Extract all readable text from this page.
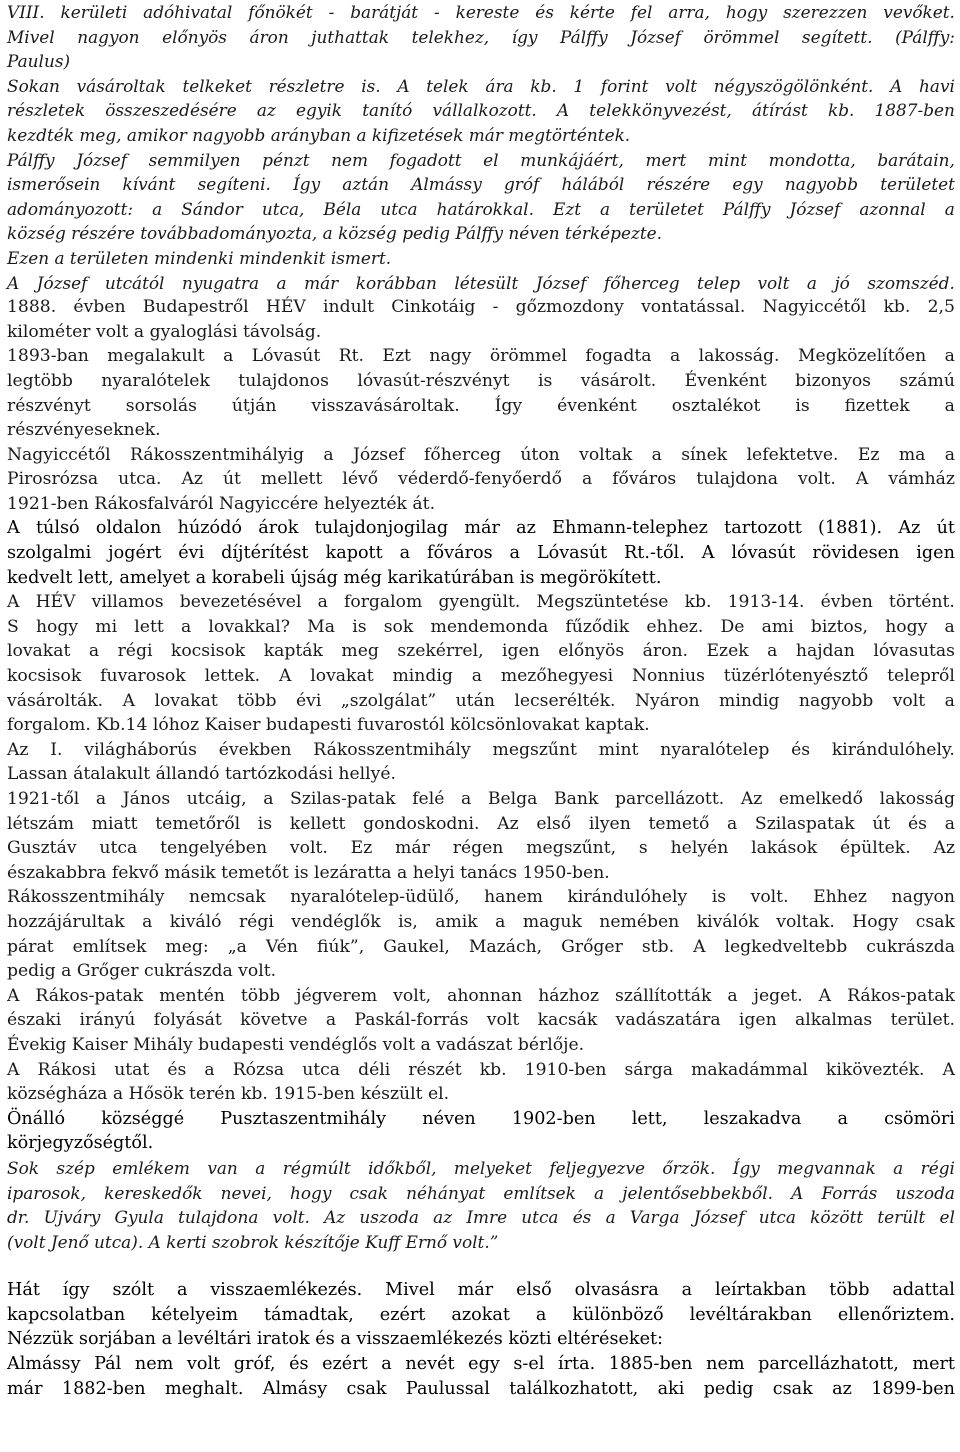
VIII. kerületi adóhivatal főnökét - barátját - kereste és kérte fel arra, hogy szerezzen vevőket.
Mivel nagyon előnyös áron juthattak telekhez, így Pálffy József örömmel segített. (Pálffy:
Paulus)
Sokan vásároltak telkeket részletre is. A telek ára kb. 1 forint volt négyszögölönként. A havi
részletek összeszedésére az egyik tanító vállalkozott. A telekkönyvezést, átírást kb. 1887-ben
kezdték meg, amikor nagyobb arányban a kifizetések már megtörténtek.
Pálffy József semmilyen pénzt nem fogadott el munkájáért, mert mint mondotta, barátain,
ismerősein kívánt segíteni. Így aztán Almássy gróf hálából részére egy nagyobb területet
adományozott: a Sándor utca, Béla utca határokkal. Ezt a területet Pálffy József azonnal a
község részére továbbadományozta, a község pedig Pálffy néven térképezte.
Ezen a területen mindenki mindenkit ismert.
A József utcától nyugatra a már korábban létesült József főherceg telep volt a jó szomszéd.
1888. évben Budapestről HÉV indult Cinkotáig - gőzmozdony vontatással. Nagyiccétől kb. 2,5
kilométer volt a gyaloglási távolság.
1893-ban megalakult a Lóvasút Rt. Ezt nagy örömmel fogadta a lakosság. Megközelítően a
legtöbb nyaralótelek tulajdonos lóvasút-részvényt is vásárolt. Évenként bizonyos számú
részvényt sorsolás útján visszavásároltak. Így évenként osztalékot is fizettek a
részvényeseknek.
Nagyiccétől Rákosszentmihályig a József főherceg úton voltak a sínek lefektetve. Ez ma a
Pirosrózsa utca. Az út mellett lévő véderdő-fenyőerdő a főváros tulajdona volt. A vámház
1921-ben Rákosfalváról Nagyiccére helyezték át.
A túlsó oldalon húzódó árok tulajdonjogilag már az Ehmann-telephez tartozott (1881). Az út
szolgalmi jogért évi díjtérítést kapott a főváros a Lóvasút Rt.-től. A lóvasút rövidesen igen
kedvelt lett, amelyet a korabeli újság még karikatúrában is megörökített.
A HÉV villamos bevezetésével a forgalom gyengült. Megszüntetése kb. 1913-14. évben történt.
S hogy mi lett a lovakkal? Ma is sok mendemonda fűződik ehhez. De ami biztos, hogy a
lovakat a régi kocsisok kapták meg szekérrel, igen előnyös áron. Ezek a hajdan lóvasutas
kocsisok fuvarosok lettek. A lovakat mindig a mezőhegyesi Nonnius tüzérlótenyésztő telepről
vásárolták. A lovakat több évi „szolgálat” után lecserélték. Nyáron mindig nagyobb volt a
forgalom. Kb.14 lóhoz Kaiser budapesti fuvarostól kölcsönlovakat kaptak.
Az I. világháborús években Rákosszentmihály megszűnt mint nyaralótelep és kirándulóhely.
Lassan átalakult állandó tartózkodási hellyé.
1921-től a János utcáig, a Szilas-patak felé a Belga Bank parcellázott. Az emelkedő lakosság
létszám miatt temetőről is kellett gondoskodni. Az első ilyen temető a Szilaspatak út és a
Gusztáv utca tengelyében volt. Ez már régen megszűnt, s helyén lakások épültek. Az
északabbra fekvő másik temetőt is lezáratta a helyi tanács 1950-ben.
Rákosszentmihály nemcsak nyaralótelep-üdülő, hanem kirándulóhely is volt. Ehhez nagyon
hozzájárultak a kiváló régi vendéglők is, amik a maguk nemében kiválók voltak. Hogy csak
párat említsek meg: „a Vén fiúk”, Gaukel, Mazách, Grőger stb. A legkedveltebb cukrászda
pedig a Grőger cukrászda volt.
A Rákos-patak mentén több jégverem volt, ahonnan házhoz szállították a jeget. A Rákos-patak
északi irányú folyását követve a Paskál-forrás volt kacsák vadászatára igen alkalmas terület.
Évekig Kaiser Mihály budapesti vendéglős volt a vadászat bérlője.
A Rákosi utat és a Rózsa utca déli részét kb. 1910-ben sárga makadámmal kikövezték. A
községháza a Hősök terén kb. 1915-ben készült el.
Önálló községgé Pusztaszentmihály néven 1902-ben lett, leszakadva a csömöri
körjegyzőségtől.
Sok szép emlékem van a régmúlt időkből, melyeket feljegyezve őrzök. Így megvannak a régi
iparosok, kereskedők nevei, hogy csak néhányat említsek a jelentősebbekből. A Forrás uszoda
dr. Ujváry Gyula tulajdona volt. Az uszoda az Imre utca és a Varga József utca között terült el
(volt Jenő utca). A kerti szobrok készítője Kuff Ernő volt.”
Hát így szólt a visszaemlékezés. Mivel már első olvasásra a leírtakban több adattal
kapcsolatban kételyeim támadtak, ezért azokat a különböző levéltárakban ellenőriztem.
Nézzük sorjában a levéltári iratok és a visszaemlékezés közti eltéréseket:
Almássy Pál nem volt gróf, és ezért a nevét egy s-el írta. 1885-ben nem parcellázhatott, mert
már 1882-ben meghalt. Almásy csak Paulussal találkozhatott, aki pedig csak az 1899-ben
